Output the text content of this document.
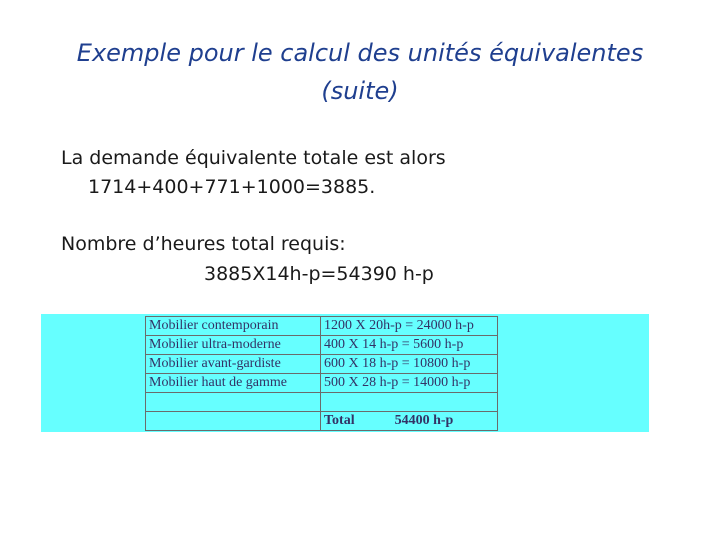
Exemple pour le calcul des unités équivalentes
(suite)
La demande équivalente totale est alors
1714+400+771+1000=3885.
Nombre d’heures total requis:
3885X14h-p=54390 h-p
Mobilier contemporain	1200 X 20h-p = 24000 h-p
Mobilier ultra-moderne	400 X 14 h-p = 5600 h-p
Mobilier avant-gardiste	600 X 18 h-p = 10800 h-p
Mobilier haut de gamme	500 X 28 h-p = 14000 h-p

	Total 54400 h-p
